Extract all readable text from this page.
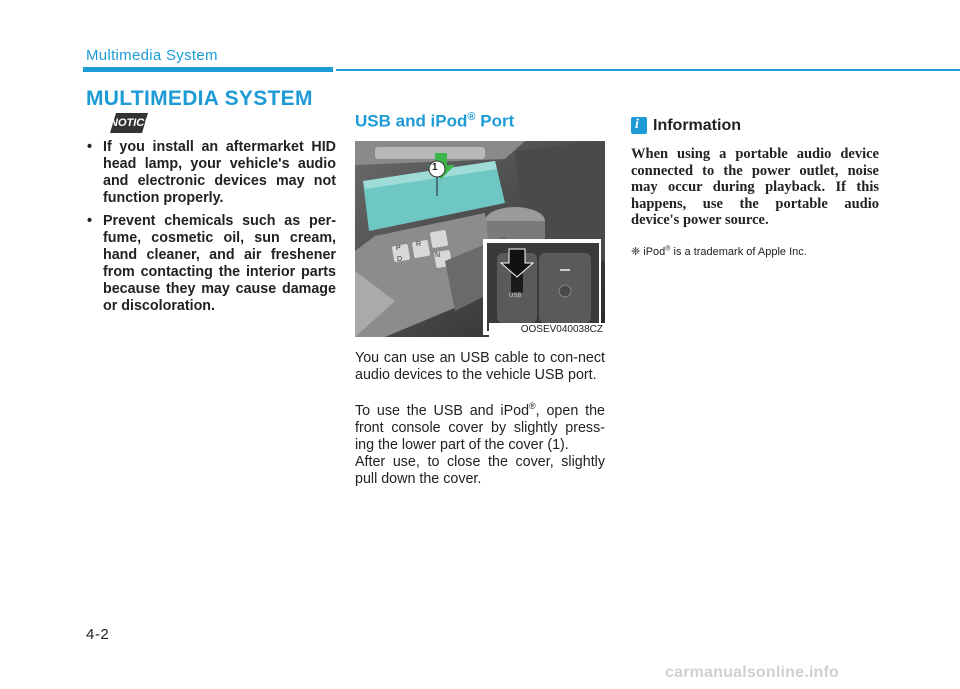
Multimedia System
MULTIMEDIA SYSTEM
NOTICE
• If you install an aftermarket HID head lamp, your vehicle's audio and electronic devices may not function properly.
• Prevent chemicals such as per-fume, cosmetic oil, sun cream, hand cleaner, and air freshener from contacting the interior parts because they may cause damage or discoloration.
USB and iPod® Port
1
P
R
N
D
USB
OOSEV040038CZ

You can use an USB cable to con-nect audio devices to the vehicle USB port.

To use the USB and iPod®, open the front console cover by slightly press-ing the lower part of the cover (1).

After use, to close the cover, slightly pull down the cover.

i Information

When using a portable audio device connected to the power outlet, noise may occur during playback. If this happens, use the portable audio device's power source.

❈ iPod® is a trademark of Apple Inc.
4-2
carmanualsonline.info
